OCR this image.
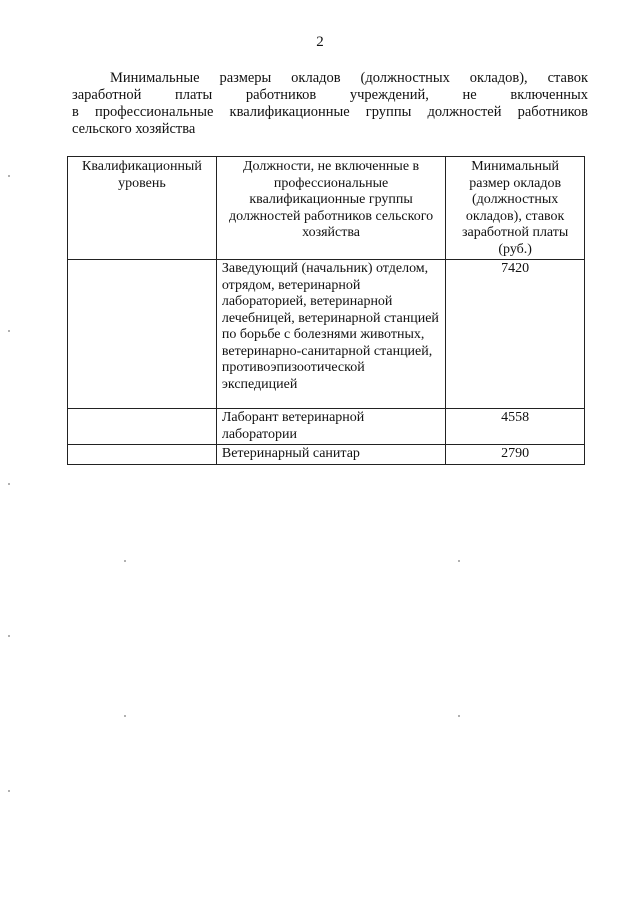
2
Минимальные размеры окладов (должностных окладов), ставок
заработной платы работников учреждений, не включенных
в профессиональные квалификационные группы должностей работников
сельского хозяйства
Квалификационный уровень	Должности, не включенные в профессиональные квалификационные группы должностей работников сельского хозяйства	Минимальный размер окладов (должностных окладов), ставок заработной платы (руб.)
	Заведующий (начальник) отделом, отрядом, ветеринарной лабораторией, ветеринарной лечебницей, ветеринарной станцией по борьбе с болезнями животных, ветеринарно-санитарной станцией, противоэпизоотической экспедицией	7420
	Лаборант ветеринарной лаборатории	4558
	Ветеринарный санитар	2790
